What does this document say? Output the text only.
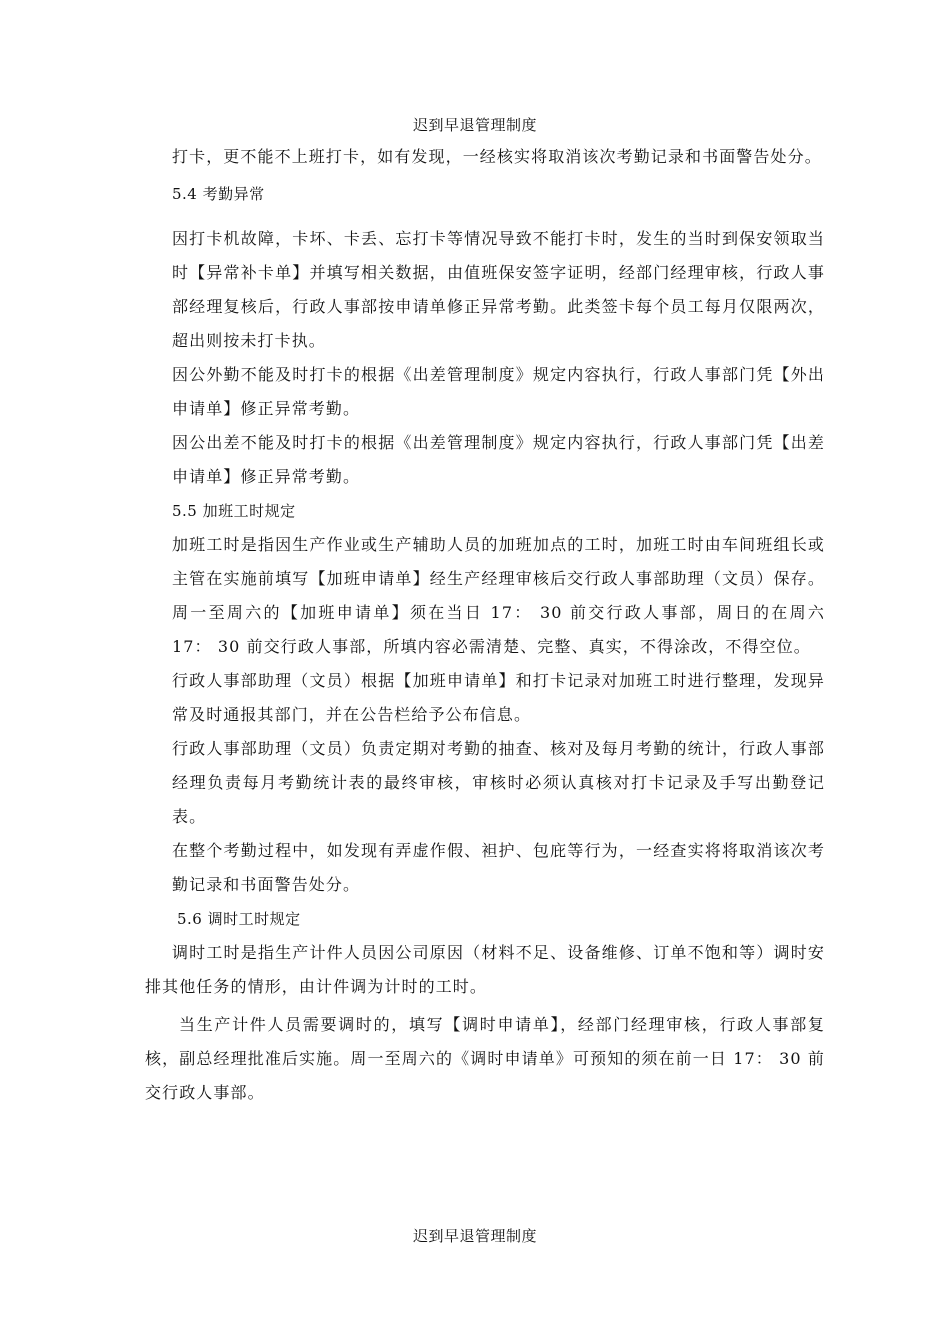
迟到早退管理制度

打卡，更不能不上班打卡，如有发现，一经核实将取消该次考勤记录和书面警告处分。

5.4 考勤异常

因打卡机故障，卡坏、卡丢、忘打卡等情况导致不能打卡时，发生的当时到保安领取当时【异常补卡单】并填写相关数据，由值班保安签字证明，经部门经理审核，行政人事部经理复核后，行政人事部按申请单修正异常考勤。此类签卡每个员工每月仅限两次，超出则按未打卡执。

因公外勤不能及时打卡的根据《出差管理制度》规定内容执行，行政人事部门凭【外出申请单】修正异常考勤。

因公出差不能及时打卡的根据《出差管理制度》规定内容执行，行政人事部门凭【出差申请单】修正异常考勤。

5.5 加班工时规定

加班工时是指因生产作业或生产辅助人员的加班加点的工时，加班工时由车间班组长或主管在实施前填写【加班申请单】经生产经理审核后交行政人事部助理（文员）保存。周一至周六的【加班申请单】须在当日 17： 30 前交行政人事部，周日的在周六 17： 30 前交行政人事部，所填内容必需清楚、完整、真实，不得涂改，不得空位。

行政人事部助理（文员）根据【加班申请单】和打卡记录对加班工时进行整理，发现异常及时通报其部门，并在公告栏给予公布信息。

行政人事部助理（文员）负责定期对考勤的抽查、核对及每月考勤的统计，行政人事部经理负责每月考勤统计表的最终审核，审核时必须认真核对打卡记录及手写出勤登记表。

在整个考勤过程中，如发现有弄虚作假、袒护、包庇等行为，一经查实将将取消该次考勤记录和书面警告处分。

5.6 调时工时规定

调时工时是指生产计件人员因公司原因（材料不足、设备维修、订单不饱和等）调时安排其他任务的情形，由计件调为计时的工时。

当生产计件人员需要调时的，填写【调时申请单】，经部门经理审核，行政人事部复核，副总经理批准后实施。周一至周六的《调时申请单》可预知的须在前一日 17： 30 前交行政人事部。

迟到早退管理制度
